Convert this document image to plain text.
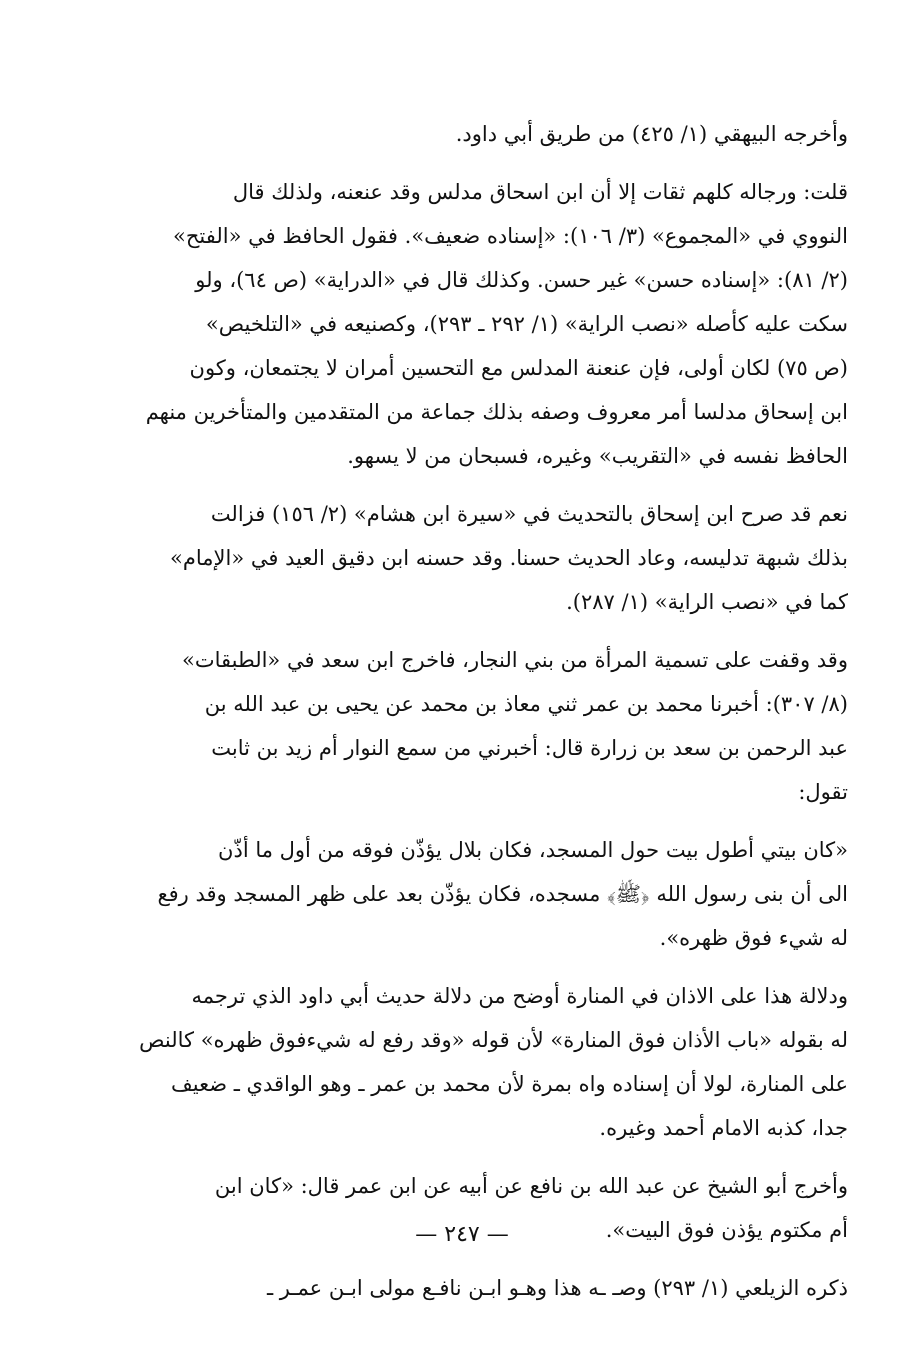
وأخرجه البيهقي (١/ ٤٢٥) من طريق أبي داود.

قلت: ورجاله كلهم ثقات إلا أن ابن اسحاق مدلس وقد عنعنه، ولذلك قال
النووي في «المجموع» (٣/ ١٠٦): «إسناده ضعيف». فقول الحافظ في «الفتح»
(٢/ ٨١): «إسناده حسن» غير حسن. وكذلك قال في «الدراية» (ص ٦٤)، ولو
سكت عليه كأصله «نصب الراية» (١/ ٢٩٢ ـ ٢٩٣)، وكصنيعه في «التلخيص»
(ص ٧٥) لكان أولى، فإن عنعنة المدلس مع التحسين أمران لا يجتمعان، وكون
ابن إسحاق مدلسا أمر معروف وصفه بذلك جماعة من المتقدمين والمتأخرين منهم
الحافظ نفسه في «التقريب» وغيره، فسبحان من لا يسهو.

نعم قد صرح ابن إسحاق بالتحديث في «سيرة ابن هشام» (٢/ ١٥٦) فزالت
بذلك شبهة تدليسه، وعاد الحديث حسنا. وقد حسنه ابن دقيق العيد في «الإمام»
كما في «نصب الراية» (١/ ٢٨٧).

وقد وقفت على تسمية المرأة من بني النجار، فاخرج ابن سعد في «الطبقات»
(٨/ ٣٠٧): أخبرنا محمد بن عمر ثني معاذ بن محمد عن يحيى بن عبد الله بن
عبد الرحمن بن سعد بن زرارة قال: أخبرني من سمع النوار أم زيد بن ثابت
تقول:

«كان بيتي أطول بيت حول المسجد، فكان بلال يؤذّن فوقه من أول ما أذّن
الى أن بنى رسول الله ﴿ﷺ﴾ مسجده، فكان يؤذّن بعد على ظهر المسجد وقد رفع
له شيء فوق ظهره».

ودلالة هذا على الاذان في المنارة أوضح من دلالة حديث أبي داود الذي ترجمه
له بقوله «باب الأذان فوق المنارة» لأن قوله «وقد رفع له شيءفوق ظهره» كالنص
على المنارة، لولا أن إسناده واه بمرة لأن محمد بن عمر ـ وهو الواقدي ـ ضعيف
جدا، كذبه الامام أحمد وغيره.

وأخرج أبو الشيخ عن عبد الله بن نافع عن أبيه عن ابن عمر قال: «كان ابن
أم مكتوم يؤذن فوق البيت».

ذكره الزيلعي (١/ ٢٩٣) وصـ ـه هذا وهـو ابـن نافـع مولى ابـن عمـر ـ

— ٢٤٧ —
